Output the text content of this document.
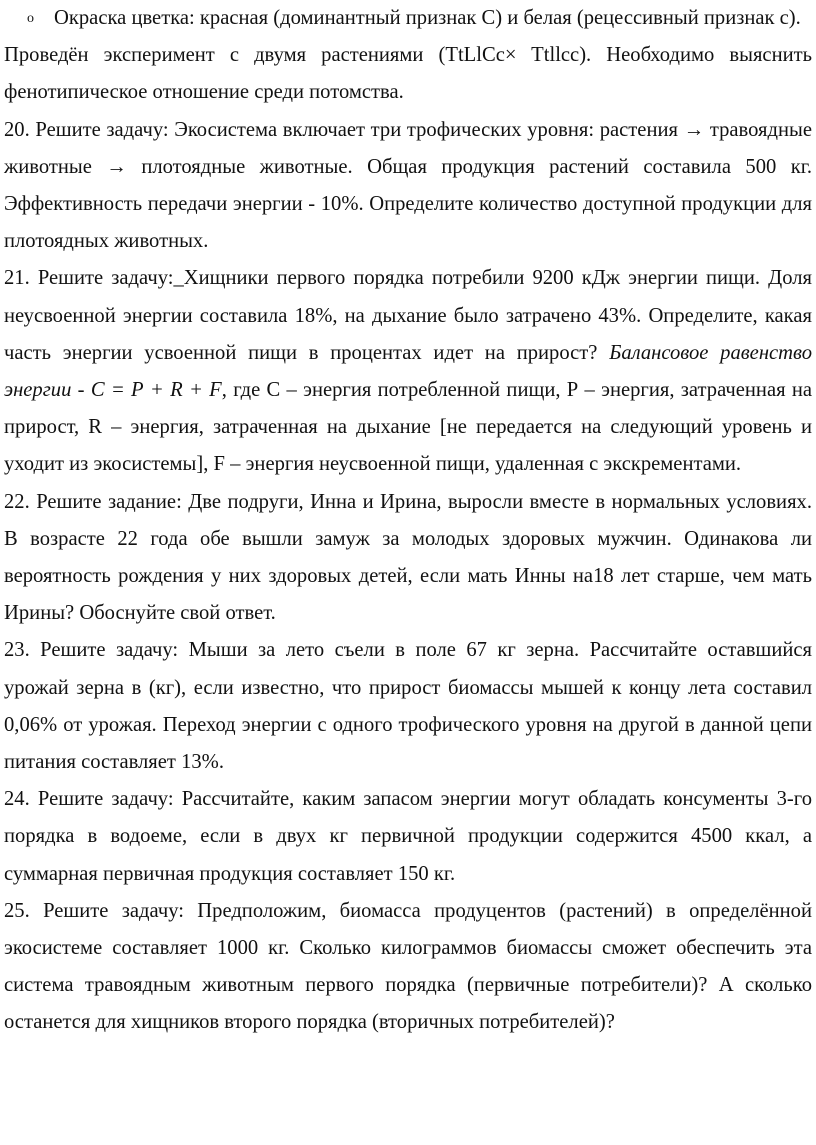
o Окраска цветка: красная (доминантный признак С) и белая (рецессивный признак с).

Проведён эксперимент с двумя растениями (TtLlCc× Ttllcc). Необходимо выяснить фенотипическое отношение среди потомства.

20. Решите задачу: Экосистема включает три трофических уровня: растения → травоядные животные → плотоядные животные. Общая продукция растений составила 500 кг. Эффективность передачи энергии - 10%. Определите количество доступной продукции для плотоядных животных.

21. Решите задачу:_Хищники первого порядка потребили 9200 кДж энергии пищи. Доля неусвоенной энергии составила 18%, на дыхание было затрачено 43%. Определите, какая часть энергии усвоенной пищи в процентах идет на прирост? Балансовое равенство энергии - С = Р + R + F, где С – энергия потребленной пищи, Р – энергия, затраченная на прирост, R – энергия, затраченная на дыхание [не передается на следующий уровень и уходит из экосистемы], F – энергия неусвоенной пищи, удаленная с экскрементами.

22. Решите задание: Две подруги, Инна и Ирина, выросли вместе в нормальных условиях. В возрасте 22 года обе вышли замуж за молодых здоровых мужчин. Одинакова ли вероятность рождения у них здоровых детей, если мать Инны на18 лет старше, чем мать Ирины? Обоснуйте свой ответ.

23. Решите задачу: Мыши за лето съели в поле 67 кг зерна. Рассчитайте оставшийся урожай зерна в (кг), если известно, что прирост биомассы мышей к концу лета составил 0,06% от урожая. Переход энергии с одного трофического уровня на другой в данной цепи питания составляет 13%.

24. Решите задачу: Рассчитайте, каким запасом энергии могут обладать консументы 3-го порядка в водоеме, если в двух кг первичной продукции содержится 4500 ккал, а суммарная первичная продукция составляет 150 кг.

25. Решите задачу: Предположим, биомасса продуцентов (растений) в определённой экосистеме составляет 1000 кг. Сколько килограммов биомассы сможет обеспечить эта система травоядным животным первого порядка (первичные потребители)? А сколько останется для хищников второго порядка (вторичных потребителей)?
